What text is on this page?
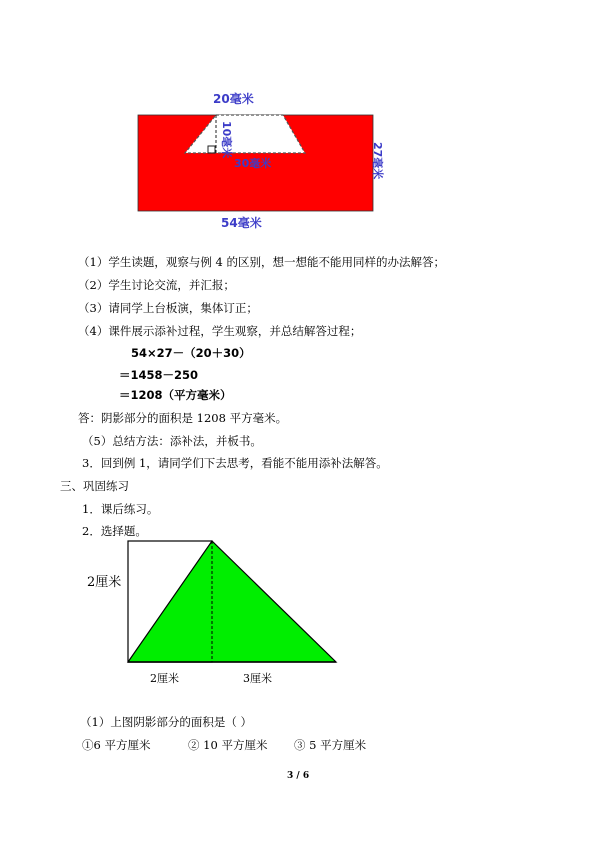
20毫米
10毫米
30毫米	27毫米
54毫米
（1）学生读题，观察与例 4 的区别，想一想能不能用同样的办法解答；
（2）学生讨论交流，并汇报；
（3）请同学上台板演，集体订正；
（4）课件展示添补过程，学生观察，并总结解答过程；
54×27－（20＋30）
＝1458－250
＝1208（平方毫米）
答：阴影部分的面积是 1208 平方毫米。
（5）总结方法：添补法，并板书。
3．回到例 1，请同学们下去思考，看能不能用添补法解答。
三、巩固练习
1．课后练习。
2．选择题。
2厘米
2厘米	3厘米
（1）上图阴影部分的面积是（ ）
①6 平方厘米	② 10 平方厘米 ③ 5 平方厘米
3 / 6
